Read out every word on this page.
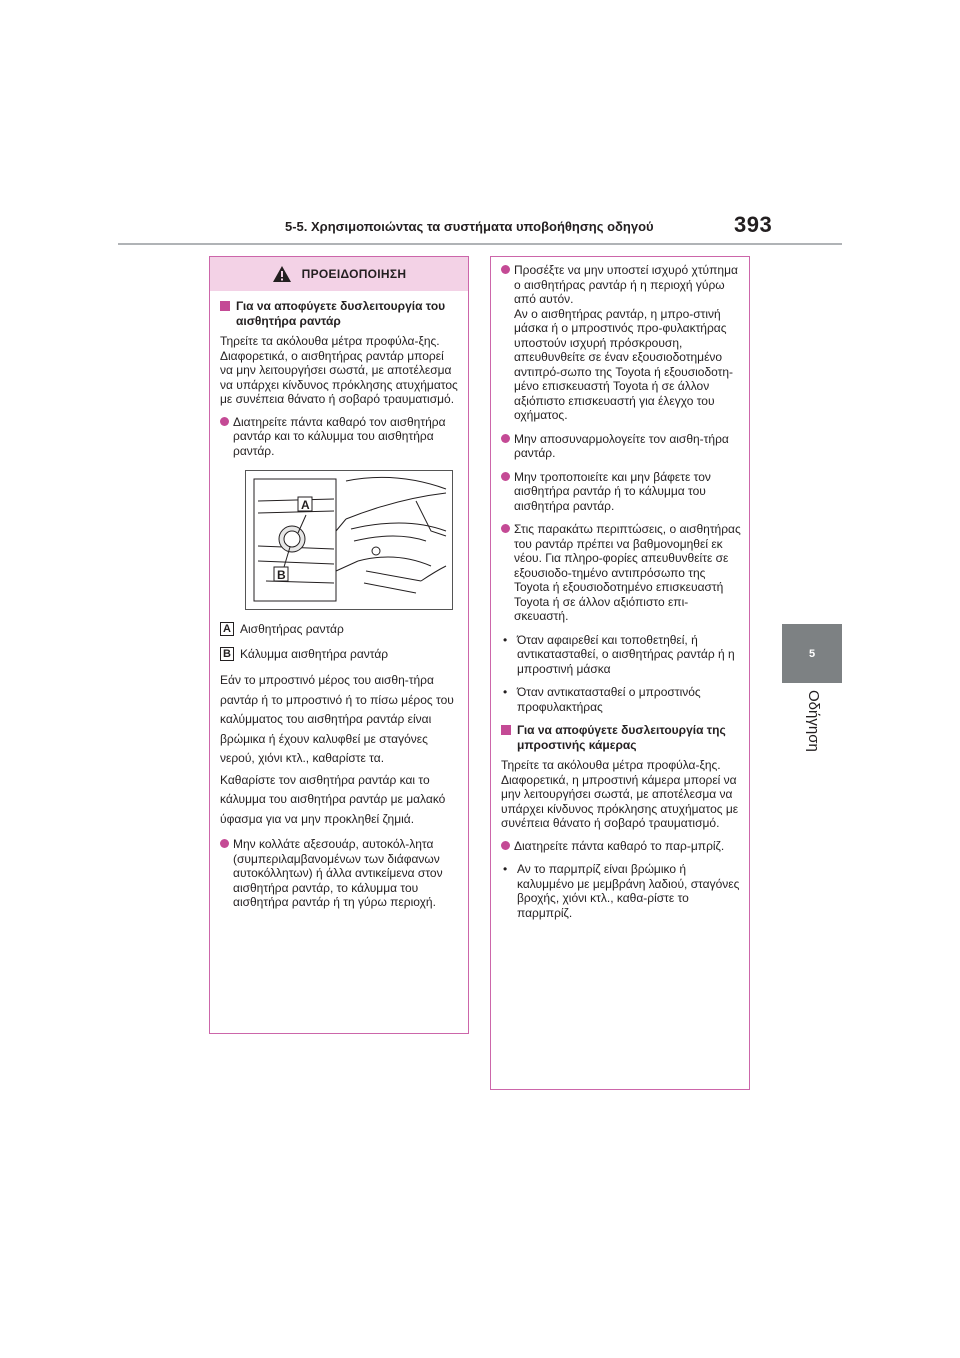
5-5. Χρησιμοποιώντας τα συστήματα υποβοήθησης οδηγού	393
5
Οδήγηση
ΠΡΟΕΙΔΟΠΟΙΗΣΗ
Για να αποφύγετε δυσλειτουργία του αισθητήρα ραντάρ

Τηρείτε τα ακόλουθα μέτρα προφύλα-ξης.
Διαφορετικά, ο αισθητήρας ραντάρ μπορεί να μην λειτουργήσει σωστά, με αποτέλεσμα να υπάρχει κίνδυνος πρόκλησης ατυχήματος με συνέπεια θάνατο ή σοβαρό τραυματισμό.

Διατηρείτε πάντα καθαρό τον αισθητήρα ραντάρ και το κάλυμμα του αισθητήρα ραντάρ.
A
B
A Αισθητήρας ραντάρ
B Κάλυμμα αισθητήρα ραντάρ

Εάν το μπροστινό μέρος του αισθη-τήρα ραντάρ ή το μπροστινό ή το πίσω μέρος του καλύμματος του αισθητήρα ραντάρ είναι βρώμικα ή έχουν καλυφθεί με σταγόνες νερού, χιόνι κτλ., καθαρίστε τα.

Καθαρίστε τον αισθητήρα ραντάρ και το κάλυμμα του αισθητήρα ραντάρ με μαλακό ύφασμα για να μην προκληθεί ζημιά.

Μην κολλάτε αξεσουάρ, αυτοκόλ-λητα (συμπεριλαμβανομένων των διάφανων αυτοκόλλητων) ή άλλα αντικείμενα στον αισθητήρα ραντάρ, το κάλυμμα του αισθητήρα ραντάρ ή τη γύρω περιοχή.
Προσέξτε να μην υποστεί ισχυρό χτύπημα ο αισθητήρας ραντάρ ή η περιοχή γύρω από αυτόν.
Αν ο αισθητήρας ραντάρ, η μπρο-στινή μάσκα ή ο μπροστινός προ-φυλακτήρας υποστούν ισχυρή πρόσκρουση, απευθυνθείτε σε έναν εξουσιοδοτημένο αντιπρό-σωπο της Toyota ή εξουσιοδοτη-μένο επισκευαστή Toyota ή σε άλλον αξιόπιστο επισκευαστή για έλεγχο του οχήματος.
Μην αποσυναρμολογείτε τον αισθη-τήρα ραντάρ.
Μην τροποποιείτε και μην βάφετε τον αισθητήρα ραντάρ ή το κάλυμμα του αισθητήρα ραντάρ.
Στις παρακάτω περιπτώσεις, ο αισθητήρας του ραντάρ πρέπει να βαθμονομηθεί εκ νέου. Για πληρο-φορίες απευθυνθείτε σε εξουσιοδο-τημένο αντιπρόσωπο της Toyota ή εξουσιοδοτημένο επισκευαστή Toyota ή σε άλλον αξιόπιστο επι-σκευαστή.
• Όταν αφαιρεθεί και τοποθετηθεί, ή αντικατασταθεί, ο αισθητήρας ραντάρ ή η μπροστινή μάσκα
• Όταν αντικατασταθεί ο μπροστινός προφυλακτήρας
Για να αποφύγετε δυσλειτουργία της μπροστινής κάμερας

Τηρείτε τα ακόλουθα μέτρα προφύλα-ξης.
Διαφορετικά, η μπροστινή κάμερα μπορεί να μην λειτουργήσει σωστά, με αποτέλεσμα να υπάρχει κίνδυνος πρόκλησης ατυχήματος με συνέπεια θάνατο ή σοβαρό τραυματισμό.

Διατηρείτε πάντα καθαρό το παρ-μπρίζ.
• Αν το παρμπρίζ είναι βρώμικο ή καλυμμένο με μεμβράνη λαδιού, σταγόνες βροχής, χιόνι κτλ., καθα-ρίστε το παρμπρίζ.
